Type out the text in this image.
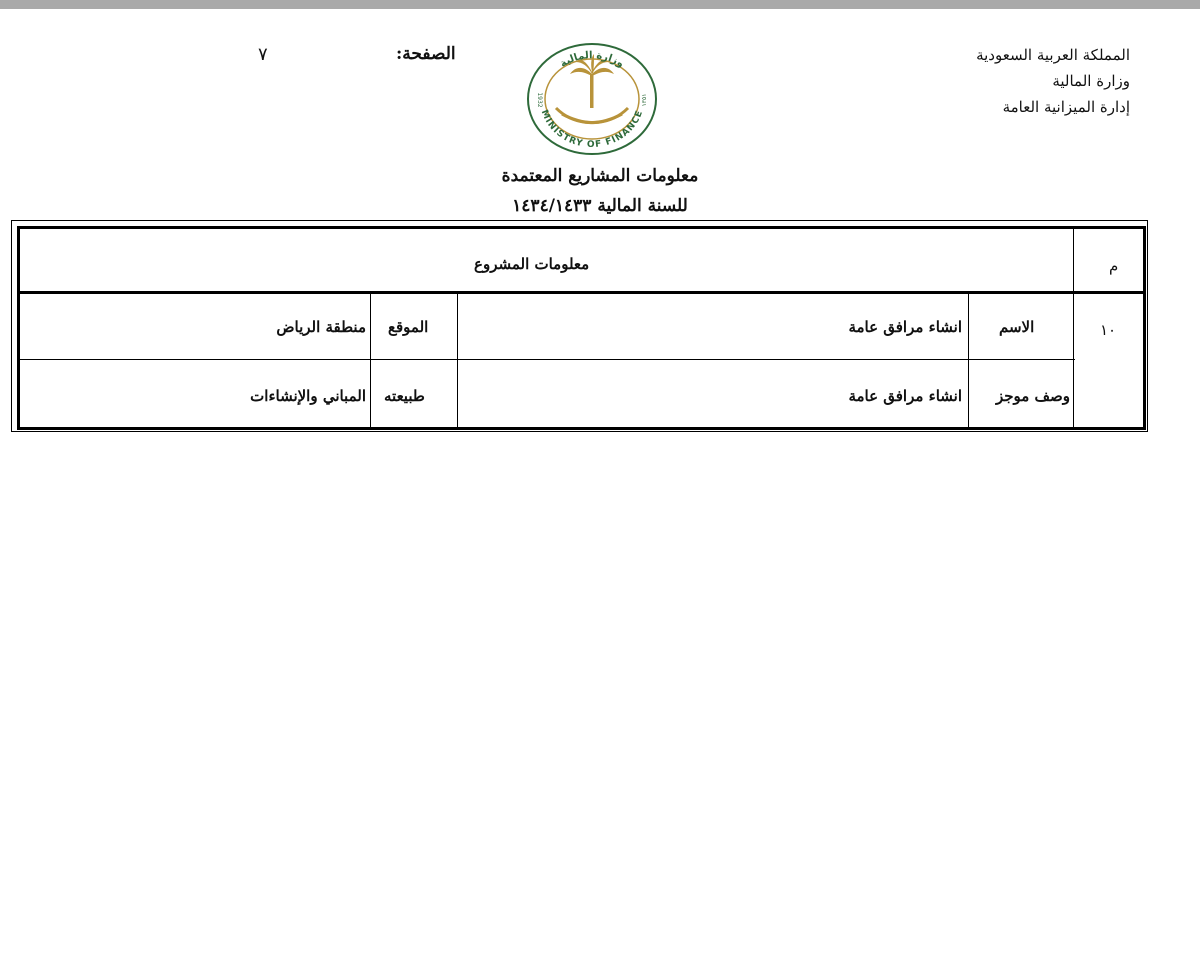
المملكة العربية السعودية
وزارة المالية
إدارة الميزانية العامة
الصفحة:
٧
MINISTRY OF FINANCE
وزارة المالية
1932	١٣٥١
معلومات المشاريع المعتمدة
للسنة المالية ١٤٣٤/١٤٣٣
م
معلومات المشروع
١٠
الاسم
انشاء مرافق عامة
الموقع
منطقة الرياض
وصف موجز
انشاء مرافق عامة
طبيعته
المباني والإنشاءات
